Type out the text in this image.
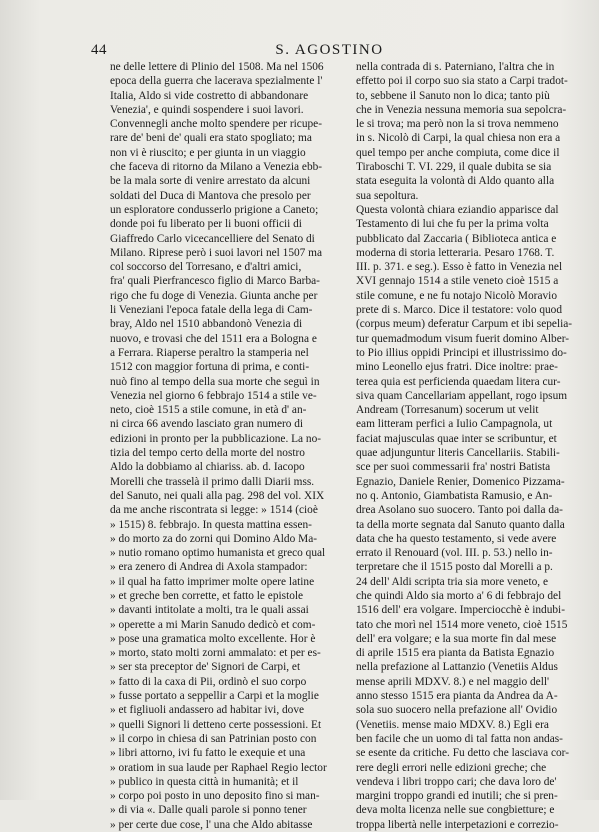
44	S. AGOSTINO
ne delle lettere di Plinio del 1508. Ma nel 1506
epoca della guerra che lacerava spezialmente l'
Italia, Aldo si vide costretto di abbandonare
Venezia', e quindi sospendere i suoi lavori.
Convennegli anche molto spendere per ricupe-
rare de' beni de' quali era stato spogliato; ma
non vi è riuscito; e per giunta in un viaggio
che faceva di ritorno da Milano a Venezia ebb-
be la mala sorte di venire arrestato da alcuni
soldati del Duca di Mantova che presolo per
un esploratore condusserlo prigione a Caneto;
donde poi fu liberato per li buoni officii di
Giaffredo Carlo vicecancelliere del Senato di
Milano. Riprese però i suoi lavori nel 1507 ma
col soccorso del Torresano, e d'altri amici,
fra' quali Pierfrancesco figlio di Marco Barba-
rigo che fu doge di Venezia. Giunta anche per
li Veneziani l'epoca fatale della lega di Cam-
bray, Aldo nel 1510 abbandonò Venezia di
nuovo, e trovasi che del 1511 era a Bologna e
a Ferrara. Riaperse peraltro la stamperia nel
1512 con maggior fortuna di prima, e conti-
nuò fino al tempo della sua morte che seguì in
Venezia nel giorno 6 febbrajo 1514 a stile ve-
neto, cioè 1515 a stile comune, in età d' an-
ni circa 66 avendo lasciato gran numero di
edizioni in pronto per la pubblicazione. La no-
tizia del tempo certo della morte del nostro
Aldo la dobbiamo al chiariss. ab. d. Iacopo
Morelli che trasselà il primo dalli Diarii mss.
del Sanuto, nei quali alla pag. 298 del vol. XIX
da me anche riscontrata si legge: » 1514 (cioè
» 1515) 8. febbrajo. In questa mattina essen-
» do morto za do zorni qui Domino Aldo Ma-
» nutio romano optimo humanista et greco qual
» era zenero di Andrea di Axola stampador:
» il qual ha fatto imprimer molte opere latine
» et greche ben corrette, et fatto le epistole
» davanti intitolate a molti, tra le quali assai
» operette a mi Marin Sanudo dedicò et com-
» pose una gramatica molto excellente. Hor è
» morto, stato molti zorni ammalato: et per es-
» ser sta preceptor de' Signori de Carpi, et
» fatto di la caxa di Pii, ordinò el suo corpo
» fusse portato a seppellir a Carpi et la moglie
» et figliuoli andassero ad habitar ivi, dove
» quelli Signori li detteno certe possessioni. Et
» il corpo in chiesa di san Patrinian posto con
» libri attorno, ivi fu fatto le exequie et una
» oratiom in sua laude per Raphael Regio lector
» publico in questa città in humanità; et il
» corpo poi posto in uno deposito fino si man-
» di via «. Dalle quali parole si ponno tener
» per certe due cose, l' una che Aldo abitasse
nella contrada di s. Paterniano, l'altra che in
effetto poi il corpo suo sia stato a Carpi tradot-
to, sebbene il Sanuto non lo dica; tanto più
che in Venezia nessuna memoria sua sepolcra-
le si trova; ma però non la si trova nemmeno
in s. Nicolò di Carpi, la qual chiesa non era a
quel tempo per anche compiuta, come dice il
Tiraboschi T. VI. 229, il quale dubita se sia
stata eseguita la volontà di Aldo quanto alla
sua sepoltura.
Questa volontà chiara eziandio apparisce dal
Testamento di lui che fu per la prima volta
pubblicato dal Zaccaria ( Biblioteca antica e
moderna di storia letteraria. Pesaro 1768. T.
III. p. 371. e seg.). Esso è fatto in Venezia nel
XVI gennajo 1514 a stile veneto cioè 1515 a
stile comune, e ne fu notajo Nicolò Moravio
prete di s. Marco. Dice il testatore: volo quod
(corpus meum) deferatur Carpum et ibi sepelia-
tur quemadmodum visum fuerit domino Alber-
to Pio illius oppidi Principi et illustrissimo do-
mino Leonello ejus fratri. Dice inoltre: prae-
terea quia est perficienda quaedam litera cur-
siva quam Cancellariam appellant, rogo ipsum
Andream (Torresanum) socerum ut velit
eam litteram perfici a Iulio Campagnola, ut
faciat majusculas quae inter se scribuntur, et
quae adjunguntur literis Cancellariis. Stabili-
sce per suoi commessarii fra' nostri Batista
Egnazio, Daniele Renier, Domenico Pizzama-
no q. Antonio, Giambatista Ramusio, e An-
drea Asolano suo suocero. Tanto poi dalla da-
ta della morte segnata dal Sanuto quanto dalla
data che ha questo testamento, si vede avere
errato il Renouard (vol. III. p. 53.) nello in-
terpretare che il 1515 posto dal Morelli a p.
24 dell' Aldi scripta tria sia more veneto, e
che quindi Aldo sia morto a' 6 di febbrajo del
1516 dell' era volgare. Imperciocchè è indubi-
tato che morì nel 1514 more veneto, cioè 1515
dell' era volgare; e la sua morte fin dal mese
di aprile 1515 era pianta da Batista Egnazio
nella prefazione al Lattanzio (Venetiis Aldus
mense aprili MDXV. 8.) e nel maggio dell'
anno stesso 1515 era pianta da Andrea da A-
sola suo suocero nella prefazione all' Ovidio
(Venetiis. mense maio MDXV. 8.) Egli era
ben facile che un uomo di tal fatta non andas-
se esente da critiche. Fu detto che lasciava cor-
rere degli errori nelle edizioni greche; che
vendeva i libri troppo cari; che dava loro de'
margini troppo grandi ed inutili; che si pren-
deva molta licenza nelle sue congbietture; e
troppa libertà nelle interpetazioni e correzio-
